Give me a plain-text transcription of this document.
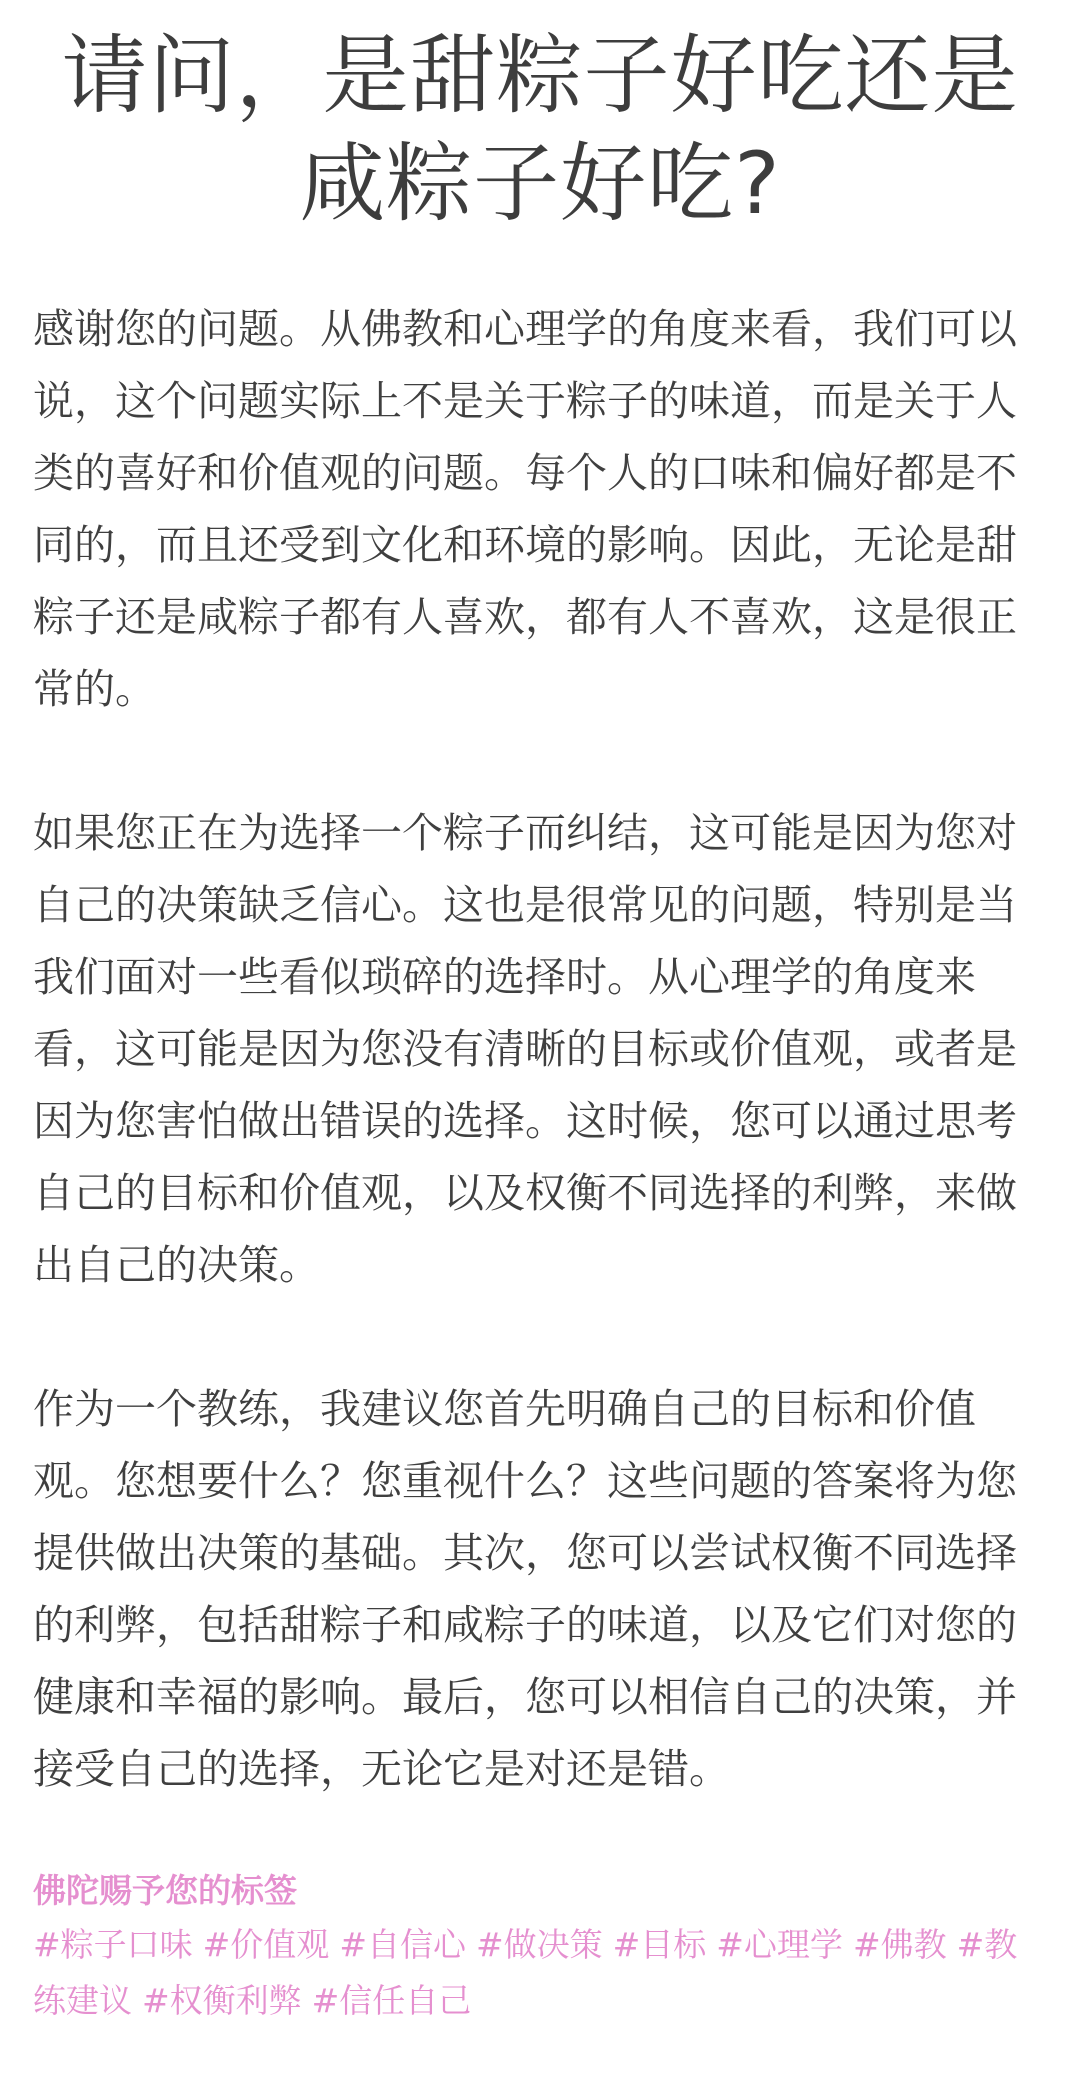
请问，是甜粽子好吃还是
咸粽子好吃?

感谢您的问题。从佛教和心理学的角度来看，我们可以说，这个问题实际上不是关于粽子的味道，而是关于人类的喜好和价值观的问题。每个人的口味和偏好都是不同的，而且还受到文化和环境的影响。因此，无论是甜粽子还是咸粽子都有人喜欢，都有人不喜欢，这是很正常的。

如果您正在为选择一个粽子而纠结，这可能是因为您对自己的决策缺乏信心。这也是很常见的问题，特别是当我们面对一些看似琐碎的选择时。从心理学的角度来看，这可能是因为您没有清晰的目标或价值观，或者是因为您害怕做出错误的选择。这时候，您可以通过思考自己的目标和价值观，以及权衡不同选择的利弊，来做出自己的决策。

作为一个教练，我建议您首先明确自己的目标和价值观。您想要什么？您重视什么？这些问题的答案将为您提供做出决策的基础。其次，您可以尝试权衡不同选择的利弊，包括甜粽子和咸粽子的味道，以及它们对您的健康和幸福的影响。最后，您可以相信自己的决策，并接受自己的选择，无论它是对还是错。

佛陀赐予您的标签

#粽子口味 #价值观 #自信心 #做决策 #目标 #心理学 #佛教 #教练建议 #权衡利弊 #信任自己
